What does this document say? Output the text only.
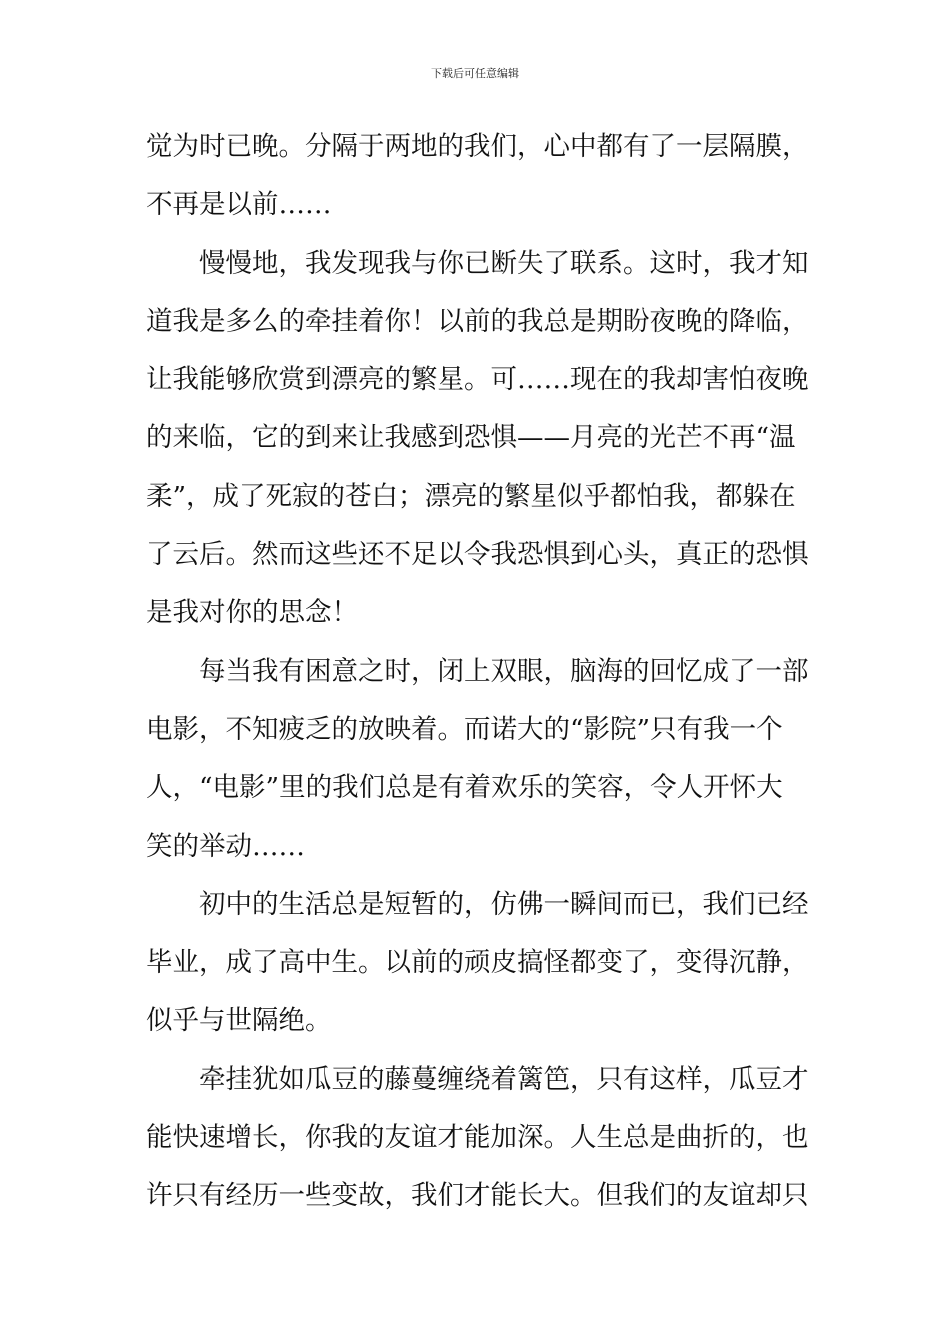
下载后可任意编辑
觉为时已晚。分隔于两地的我们，心中都有了一层隔膜，
不再是以前……
慢慢地，我发现我与你已断失了联系。这时，我才知
道我是多么的牵挂着你！以前的我总是期盼夜晚的降临，
让我能够欣赏到漂亮的繁星。可……现在的我却害怕夜晚
的来临，它的到来让我感到恐惧——月亮的光芒不再“温
柔”，成了死寂的苍白；漂亮的繁星似乎都怕我，都躲在
了云后。然而这些还不足以令我恐惧到心头，真正的恐惧
是我对你的思念！
每当我有困意之时，闭上双眼，脑海的回忆成了一部
电影，不知疲乏的放映着。而诺大的“影院”只有我一个
人，“电影”里的我们总是有着欢乐的笑容，令人开怀大
笑的举动……
初中的生活总是短暂的，仿佛一瞬间而已，我们已经
毕业，成了高中生。以前的顽皮搞怪都变了，变得沉静，
似乎与世隔绝。
牵挂犹如瓜豆的藤蔓缠绕着篱笆，只有这样，瓜豆才
能快速增长，你我的友谊才能加深。人生总是曲折的，也
许只有经历一些变故，我们才能长大。但我们的友谊却只
